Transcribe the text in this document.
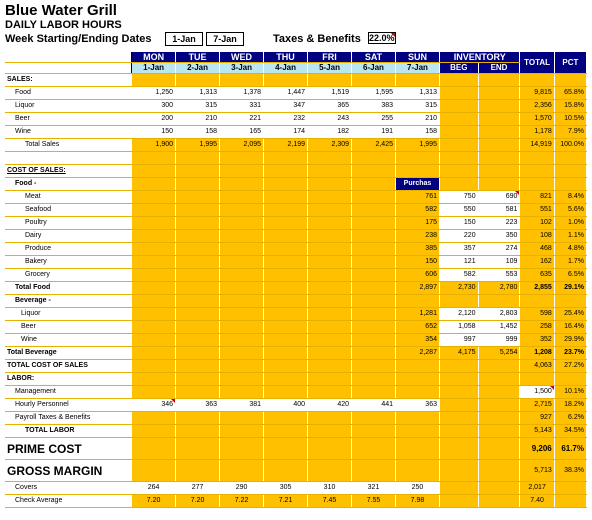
Blue Water Grill
DAILY LABOR HOURS
Week Starting/Ending Dates	1-Jan	7-Jan	Taxes & Benefits 22.0%
	MON	TUE	WED	THU	FRI	SAT	SUN	INVENTORY		TOTAL	PCT
	1-Jan	2-Jan	3-Jan	4-Jan	5-Jan	6-Jan	7-Jan	BEG	END		
SALES:											
Food	1,250	1,313	1,378	1,447	1,519	1,595	1,313			9,815	65.8%
Liquor	300	315	331	347	365	383	315			2,356	15.8%
Beer	200	210	221	232	243	255	210			1,570	10.5%
Wine	150	158	165	174	182	191	158			1,178	7.9%
Total Sales	1,900	1,995	2,095	2,199	2,309	2,425	1,995			14,919	100.0%

COST OF SALES:											
Food -							Purchas				
Meat							761	750	690	821	8.4%
Seafood							582	550	581	551	5.6%
Poultry							175	150	223	102	1.0%
Dairy							238	220	350	108	1.1%
Produce							385	357	274	468	4.8%
Bakery							150	121	109	162	1.7%
Grocery							606	582	553	635	6.5%
Total Food							2,897	2,730	2,780	2,855	29.1%
Beverage -											
Liquor							1,281	2,120	2,803	598	25.4%
Beer							652	1,058	1,452	258	16.4%
Wine							354	997	999	352	29.9%
Total Beverage							2,287	4,175	5,254	1,208	23.7%
TOTAL COST OF SALES										4,063	27.2%
LABOR:											
Management										1,500	10.1%
Hourly Personnel	346	363	381	400	420	441	363			2,715	18.2%
Payroll Taxes & Benefits										927	6.2%
TOTAL LABOR										5,143	34.5%
PRIME COST										9,206	61.7%
GROSS MARGIN										5,713	38.3%
Covers	264	277	290	305	310	321	250			2,017	
Check Average	7.20	7.20	7.22	7.21	7.45	7.55	7.98			7.40	
